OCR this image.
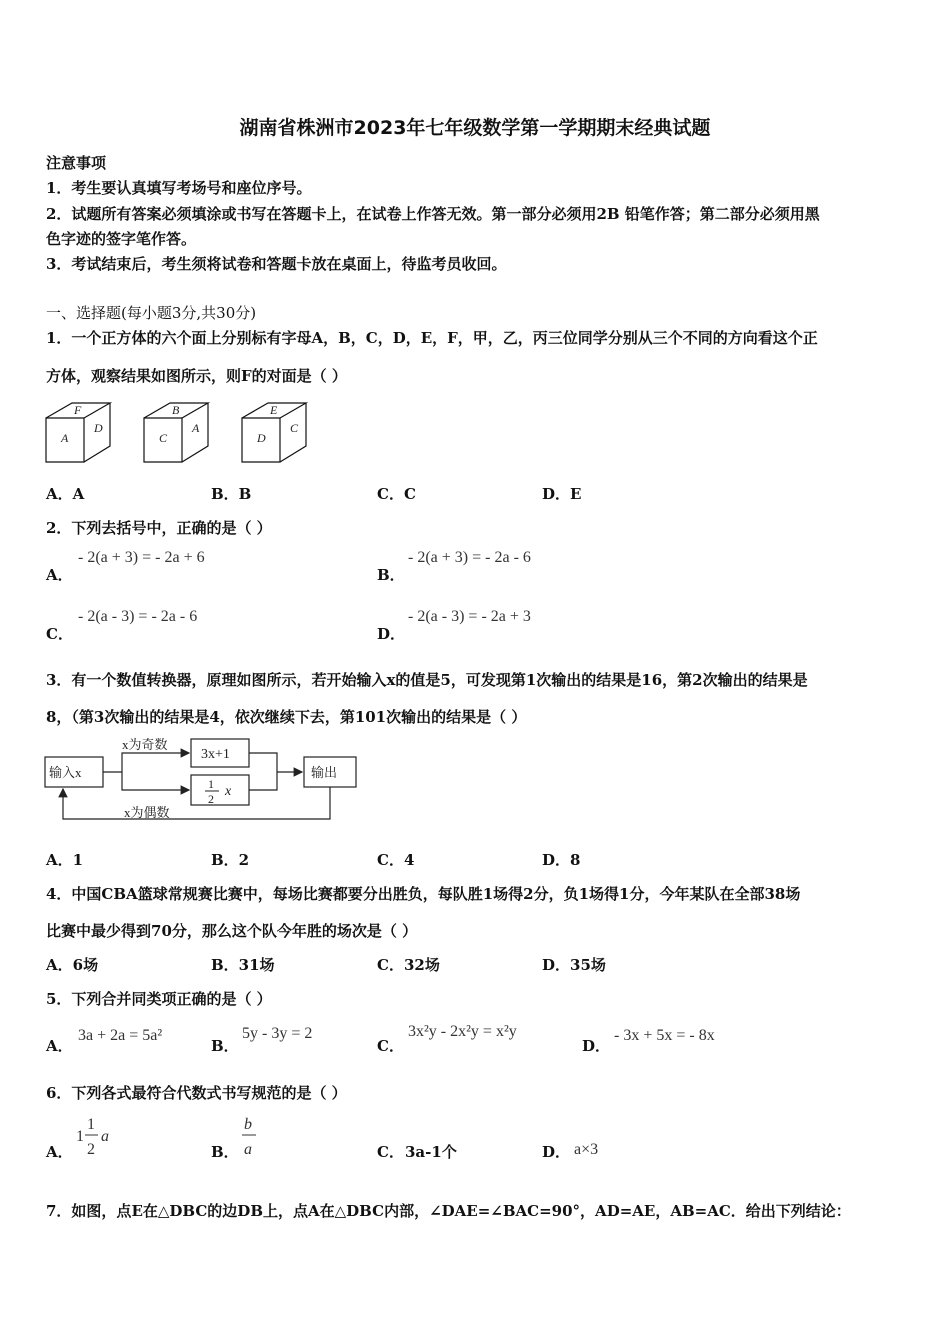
湖南省株洲市2023年七年级数学第一学期期末经典试题
注意事项
1．考生要认真填写考场号和座位序号。
2．试题所有答案必须填涂或书写在答题卡上，在试卷上作答无效。第一部分必须用2B 铅笔作答；第二部分必须用黑
色字迹的签字笔作答。
3．考试结束后，考生须将试卷和答题卡放在桌面上，待监考员收回。
一、选择题(每小题3分,共30分)
1．一个正方体的六个面上分别标有字母A，B，C，D，E，F，甲，乙，丙三位同学分别从三个不同的方向看这个正
方体，观察结果如图所示，则F的对面是（ ）
F
A
D
B
C
A
E
D
C
A．A	B．B	C．C	D．E
2．下列去括号中，正确的是（ ）
A．
- 2(a + 3) = - 2a + 6
B．
- 2(a + 3) = - 2a - 6
C．
- 2(a - 3) = - 2a - 6
D．
- 2(a - 3) = - 2a + 3
3．有一个数值转换器，原理如图所示，若开始输入x的值是5，可发现第1次输出的结果是16，第2次输出的结果是
8，（第3次输出的结果是4，依次继续下去，第101次输出的结果是（ ）
输入x
x为奇数
x为偶数
3x+1
1
2 x
输出
A．1	B．2	C．4	D．8
4．中国CBA篮球常规赛比赛中，每场比赛都要分出胜负，每队胜1场得2分，负1场得1分，今年某队在全部38场
比赛中最少得到70分，那么这个队今年胜的场次是（ ）
A．6场	B．31场	C．32场	D．35场
5．下列合并同类项正确的是（ ）
A．
3a + 2a = 5a²
B．
5y - 3y = 2
C．
3x²y - 2x²y = x²y
D．
- 3x + 5x = - 8x
6．下列各式最符合代数式书写规范的是（ ）
A．
1
1
2
a
B．
b
a	C． 3a-1个	D． a×3
7．如图，点E在△DBC的边DB上，点A在△DBC内部，∠DAE=∠BAC=90°，AD=AE，AB=AC．给出下列结论：
